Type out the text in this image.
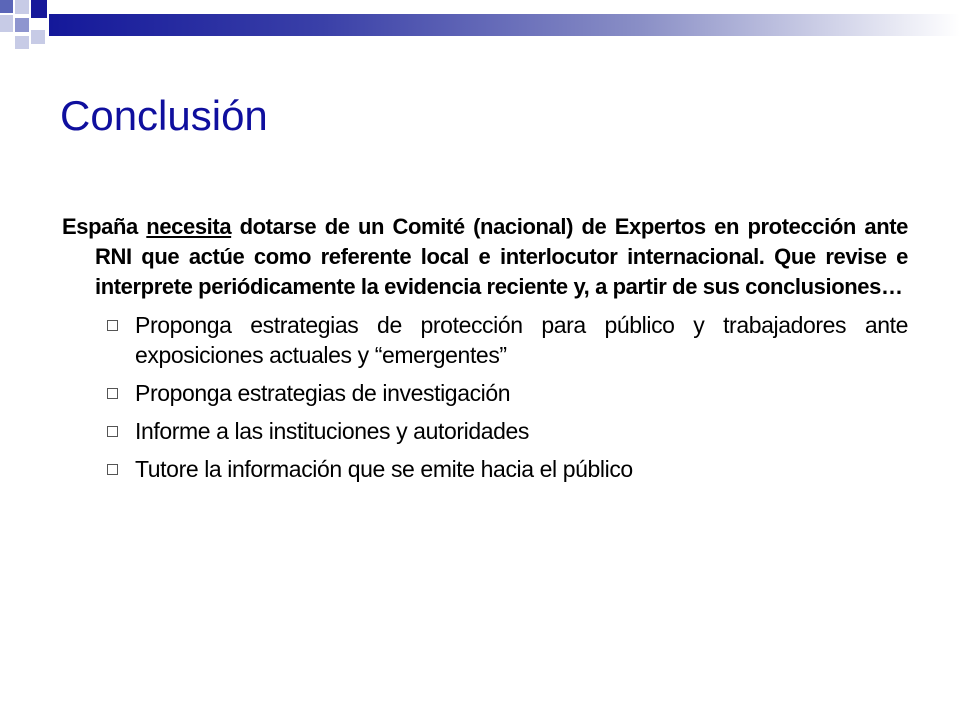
Conclusión

España necesita dotarse de un Comité (nacional) de Expertos en protección ante RNI que actúe como referente local e interlocutor internacional. Que revise e interprete periódicamente la evidencia reciente y, a partir de sus conclusiones…

Proponga estrategias de protección para público y trabajadores ante exposiciones actuales y “emergentes”
Proponga estrategias de investigación
Informe a las instituciones y autoridades
Tutore la información que se emite hacia el público
